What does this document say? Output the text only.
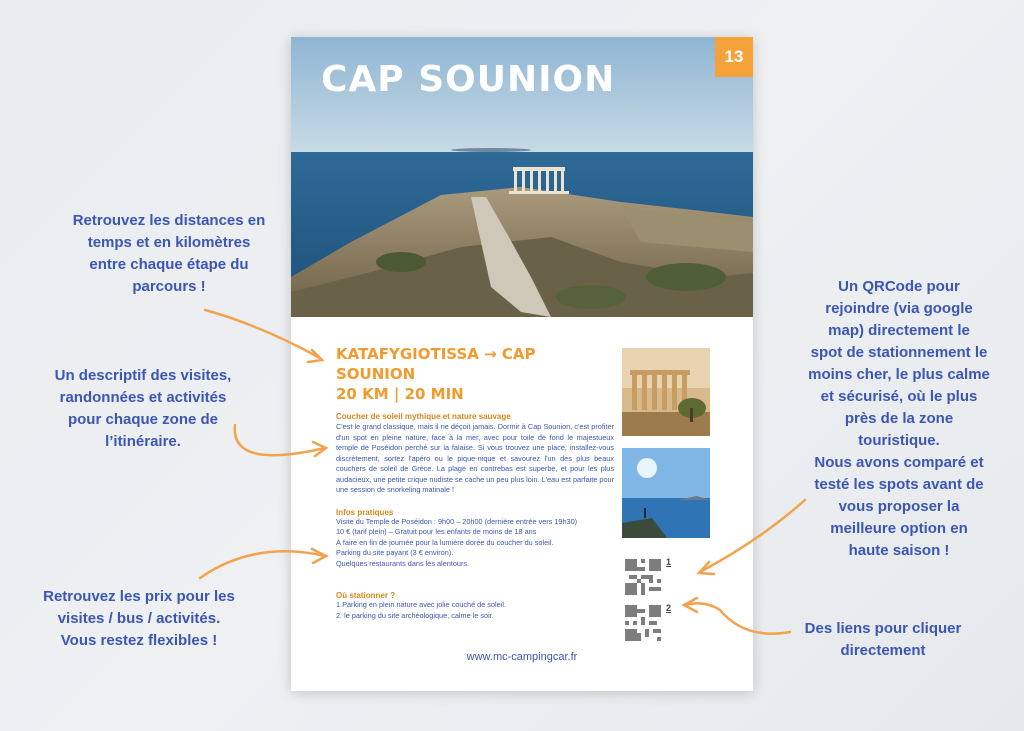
Retrouvez les distances en
temps et en kilomètres
entre chaque étape du
parcours !
Un descriptif des visites,
randonnées et activités
pour chaque zone de
l’itinéraire.
Retrouvez les prix pour les
visites / bus / activités.
Vous restez flexibles !
Un QRCode pour
rejoindre (via google
map) directement le
spot de stationnement le
moins cher, le plus calme
et sécurisé, où le plus
près de la zone
touristique.
Nous avons comparé et
testé les spots avant de
vous proposer la
meilleure option en
haute saison !
Des liens pour cliquer
directement
CAP SOUNION
13
KATAFYGIOTISSA → CAP SOUNION
20 KM | 20 MIN
Coucher de soleil mythique et nature sauvage
C'est le grand classique, mais il ne déçoit jamais. Dormir à Cap Sounion, c'est profiter d'un spot en pleine nature, face à la mer, avec pour toile de fond le majestueux temple de Poséidon perché sur la falaise. Si vous trouvez une place, installez-vous discrètement, sortez l'apéro ou le pique-nique et savourez l'un des plus beaux couchers de soleil de Grèce. La plage en contrebas est superbe, et pour les plus audacieux, une petite crique nudiste se cache un peu plus loin. L'eau est parfaite pour une session de snorkeling matinale !
Infos pratiques
Visite du Temple de Poséidon : 9h00 – 20h00 (dernière entrée vers 19h30)
10 € (tarif plein) – Gratuit pour les enfants de moins de 18 ans
À faire en fin de journée pour la lumière dorée du coucher du soleil.
Parking du site payant (3 € environ).
Quelques restaurants dans les alentours.
Où stationner ?
1.Parking en plein nature avec jolie couché de soleil.
2. le parking du site archéologique, calme le soir.
1
2
www.mc-campingcar.fr
